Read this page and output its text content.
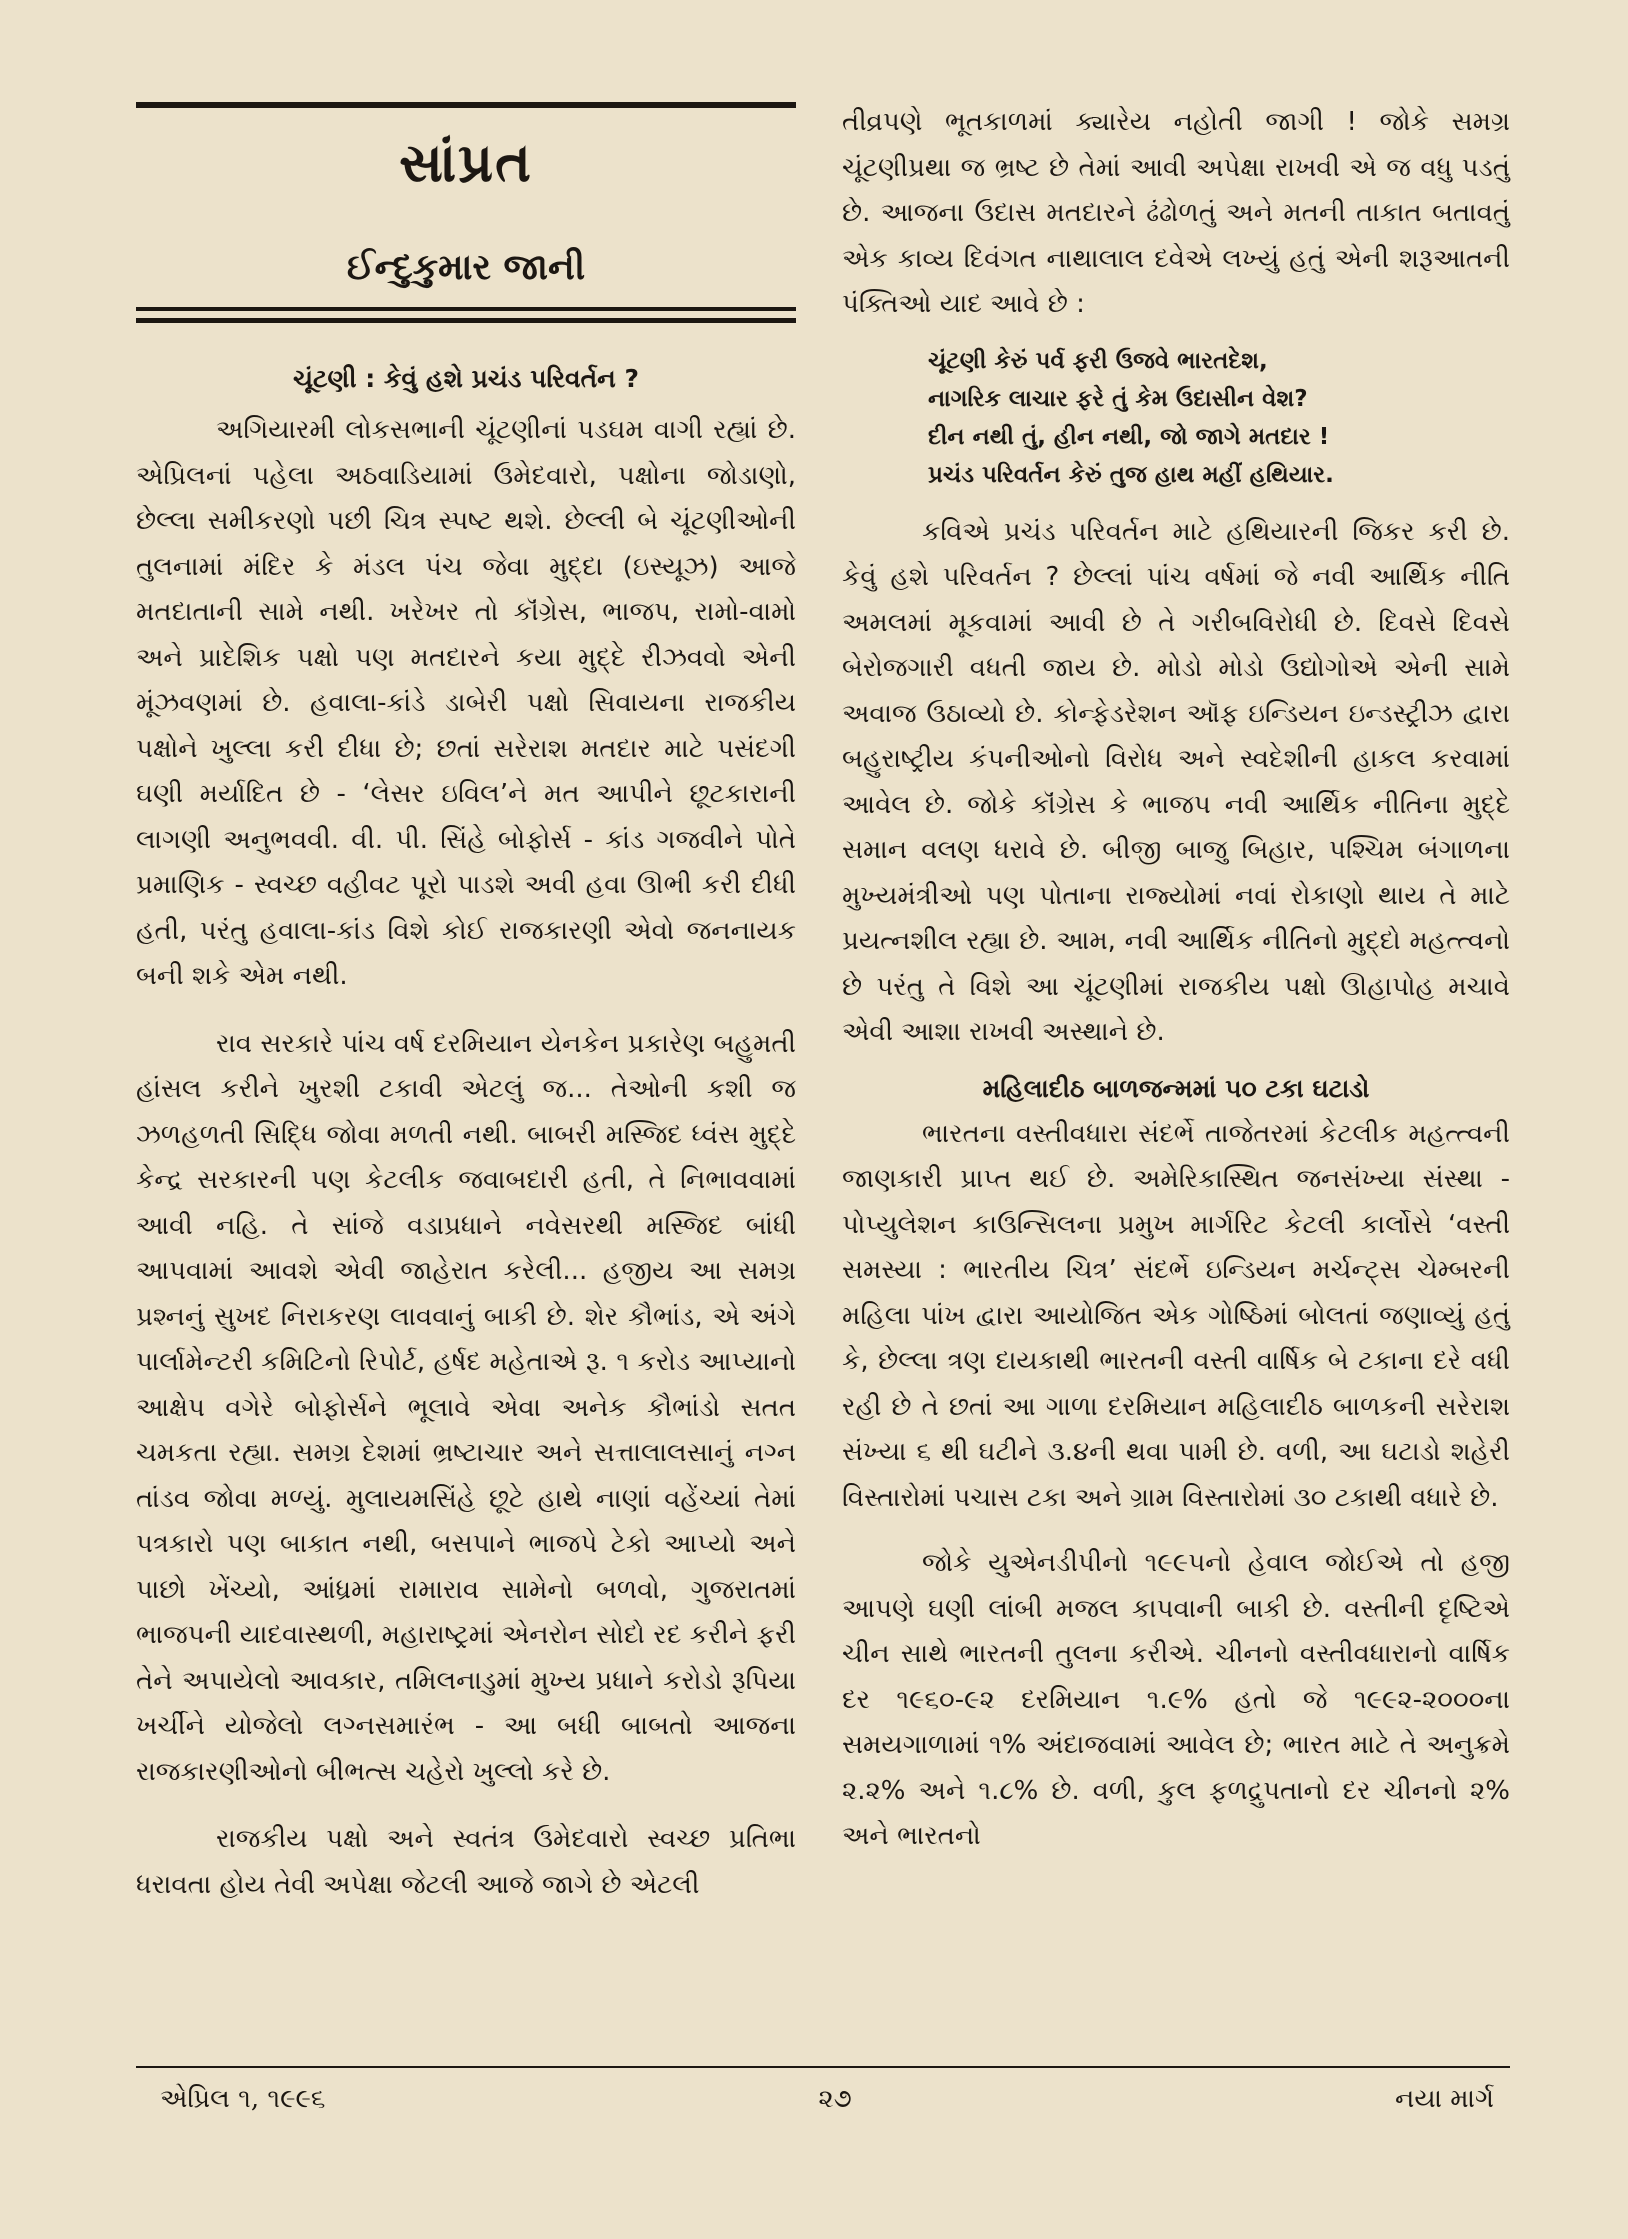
સાંપ્રત
ઈન્દુકુમાર જાની
ચૂંટણી : કેવું હશે પ્રચંડ પરિવર્તન ?

અગિયારમી લોકસભાની ચૂંટણીનાં પડઘમ વાગી રહ્યાં છે. એપ્રિલનાં પહેલા અઠવાડિયામાં ઉમેદવારો, પક્ષોના જોડાણો, છેલ્લા સમીકરણો પછી ચિત્ર સ્પષ્ટ થશે. છેલ્લી બે ચૂંટણીઓની તુલનામાં મંદિર કે મંડલ પંચ જેવા મુદ્દા (ઇસ્યૂઝ) આજે મતદાતાની સામે નથી. ખરેખર તો કૉંગ્રેસ, ભાજપ, રામો-વામો અને પ્રાદેશિક પક્ષો પણ મતદારને કયા મુદ્દે રીઝવવો એની મૂંઝવણમાં છે. હવાલા-કાંડે ડાબેરી પક્ષો સિવાયના રાજકીય પક્ષોને ખુલ્લા કરી દીધા છે; છતાં સરેરાશ મતદાર માટે પસંદગી ઘણી મર્યાદિત છે - ‘લેસર ઇવિલ’ને મત આપીને છૂટકારાની લાગણી અનુભવવી. વી. પી. સિંહે બોફોર્સ - કાંડ ગજવીને પોતે પ્રમાણિક - સ્વચ્છ વહીવટ પૂરો પાડશે અવી હવા ઊભી કરી દીધી હતી, પરંતુ હવાલા-કાંડ વિશે કોઈ રાજકારણી એવો જનનાયક બની શકે એમ નથી.

રાવ સરકારે પાંચ વર્ષ દરમિયાન યેનકેન પ્રકારેણ બહુમતી હાંસલ કરીને ખુરશી ટકાવી એટલું જ... તેઓની કશી જ ઝળહળતી સિદ્ધિ જોવા મળતી નથી. બાબરી મસ્જિદ ધ્વંસ મુદ્દે કેન્દ્ર સરકારની પણ કેટલીક જવાબદારી હતી, તે નિભાવવામાં આવી નહિ. તે સાંજે વડાપ્રધાને નવેસરથી મસ્જિદ બાંધી આપવામાં આવશે એવી જાહેરાત કરેલી... હજીય આ સમગ્ર પ્રશ્નનું સુખદ નિરાકરણ લાવવાનું બાકી છે. શેર કૌભાંડ, એ અંગે પાર્લામેન્ટરી કમિટિનો રિપોર્ટ, હર્ષદ મહેતાએ રૂ. ૧ કરોડ આપ્યાનો આક્ષેપ વગેરે બોફોર્સને ભૂલાવે એવા અનેક કૌભાંડો સતત ચમકતા રહ્યા. સમગ્ર દેશમાં ભ્રષ્ટાચાર અને સત્તાલાલસાનું નગ્ન તાંડવ જોવા મળ્યું. મુલાયમસિંહે છૂટે હાથે નાણાં વહેંચ્યાં તેમાં પત્રકારો પણ બાકાત નથી, બસપાને ભાજપે ટેકો આપ્યો અને પાછો ખેંચ્યો, આંધ્રમાં રામારાવ સામેનો બળવો, ગુજરાતમાં ભાજપની યાદવાસ્થળી, મહારાષ્ટ્રમાં એનરોન સોદો રદ કરીને ફરી તેને અપાયેલો આવકાર, તમિલનાડુમાં મુખ્ય પ્રધાને કરોડો રૂપિયા ખર્ચીને યોજેલો લગ્નસમારંભ - આ બધી બાબતો આજના રાજકારણીઓનો બીભત્સ ચહેરો ખુલ્લો કરે છે.

રાજકીય પક્ષો અને સ્વતંત્ર ઉમેદવારો સ્વચ્છ પ્રતિભા ધરાવતા હોય તેવી અપેક્ષા જેટલી આજે જાગે છે એટલી

તીવ્રપણે ભૂતકાળમાં ક્યારેય નહોતી જાગી ! જોકે સમગ્ર ચૂંટણીપ્રથા જ ભ્રષ્ટ છે તેમાં આવી અપેક્ષા રાખવી એ જ વધુ પડતું છે. આજના ઉદાસ મતદારને ઢંઢોળતું અને મતની તાકાત બતાવતું એક કાવ્ય દિવંગત નાથાલાલ દવેએ લખ્યું હતું એની શરૂઆતની પંક્તિઓ યાદ આવે છે :

ચૂંટણી કેરું પર્વ ફરી ઉજવે ભારતદેશ,
નાગરિક લાચાર ફરે તું કેમ ઉદાસીન વેશ?
દીન નથી તું, હીન નથી, જો જાગે મતદાર !
પ્રચંડ પરિવર્તન કેરું તુજ હાથ મહીં હથિયાર.

કવિએ પ્રચંડ પરિવર્તન માટે હથિયારની જિકર કરી છે. કેવું હશે પરિવર્તન ? છેલ્લાં પાંચ વર્ષમાં જે નવી આર્થિક નીતિ અમલમાં મૂકવામાં આવી છે તે ગરીબવિરોધી છે. દિવસે દિવસે બેરોજગારી વધતી જાય છે. મોડો મોડો ઉદ્યોગોએ એની સામે અવાજ ઉઠાવ્યો છે. કોન્ફેડરેશન ઑફ ઇન્ડિયન ઇન્ડસ્ટ્રીઝ દ્વારા બહુરાષ્ટ્રીય કંપનીઓનો વિરોધ અને સ્વદેશીની હાકલ કરવામાં આવેલ છે. જોકે કૉંગ્રેસ કે ભાજપ નવી આર્થિક નીતિના મુદ્દે સમાન વલણ ધરાવે છે. બીજી બાજુ બિહાર, પશ્ચિમ બંગાળના મુખ્યમંત્રીઓ પણ પોતાના રાજ્યોમાં નવાં રોકાણો થાય તે માટે પ્રયત્નશીલ રહ્યા છે. આમ, નવી આર્થિક નીતિનો મુદ્દો મહત્ત્વનો છે પરંતુ તે વિશે આ ચૂંટણીમાં રાજકીય પક્ષો ઊહાપોહ મચાવે એવી આશા રાખવી અસ્થાને છે.

મહિલાદીઠ બાળજન્મમાં ૫૦ ટકા ઘટાડો

ભારતના વસ્તીવધારા સંદર્ભે તાજેતરમાં કેટલીક મહત્ત્વની જાણકારી પ્રાપ્ત થઈ છે. અમેરિકાસ્થિત જનસંખ્યા સંસ્થા - પોપ્યુલેશન કાઉન્સિલના પ્રમુખ માર્ગરિટ કેટલી કાર્લોસે ‘વસ્તી સમસ્યા : ભારતીય ચિત્ર’ સંદર્ભે ઇન્ડિયન મર્ચન્ટ્સ ચેમ્બરની મહિલા પાંખ દ્વારા આયોજિત એક ગોષ્ઠિમાં બોલતાં જણાવ્યું હતું કે, છેલ્લા ત્રણ દાયકાથી ભારતની વસ્તી વાર્ષિક બે ટકાના દરે વધી રહી છે તે છતાં આ ગાળા દરમિયાન મહિલાદીઠ બાળકની સરેરાશ સંખ્યા ૬ થી ઘટીને ૩.૪ની થવા પામી છે. વળી, આ ઘટાડો શહેરી વિસ્તારોમાં પચાસ ટકા અને ગ્રામ વિસ્તારોમાં ૩૦ ટકાથી વધારે છે.

જોકે યુએનડીપીનો ૧૯૯૫નો હેવાલ જોઈએ તો હજી આપણે ઘણી લાંબી મજલ કાપવાની બાકી છે. વસ્તીની દૃષ્ટિએ ચીન સાથે ભારતની તુલના કરીએ. ચીનનો વસ્તીવધારાનો વાર્ષિક દર ૧૯૬૦-૯૨ દરમિયાન ૧.૯% હતો જે ૧૯૯૨-૨૦૦૦ના સમયગાળામાં ૧% અંદાજવામાં આવેલ છે; ભારત માટે તે અનુક્રમે ૨.૨% અને ૧.૮% છે. વળી, કુલ ફળદ્રુપતાનો દર ચીનનો ૨% અને ભારતનો

એપ્રિલ ૧, ૧૯૯૬	૨૭	નયા માર્ગ
